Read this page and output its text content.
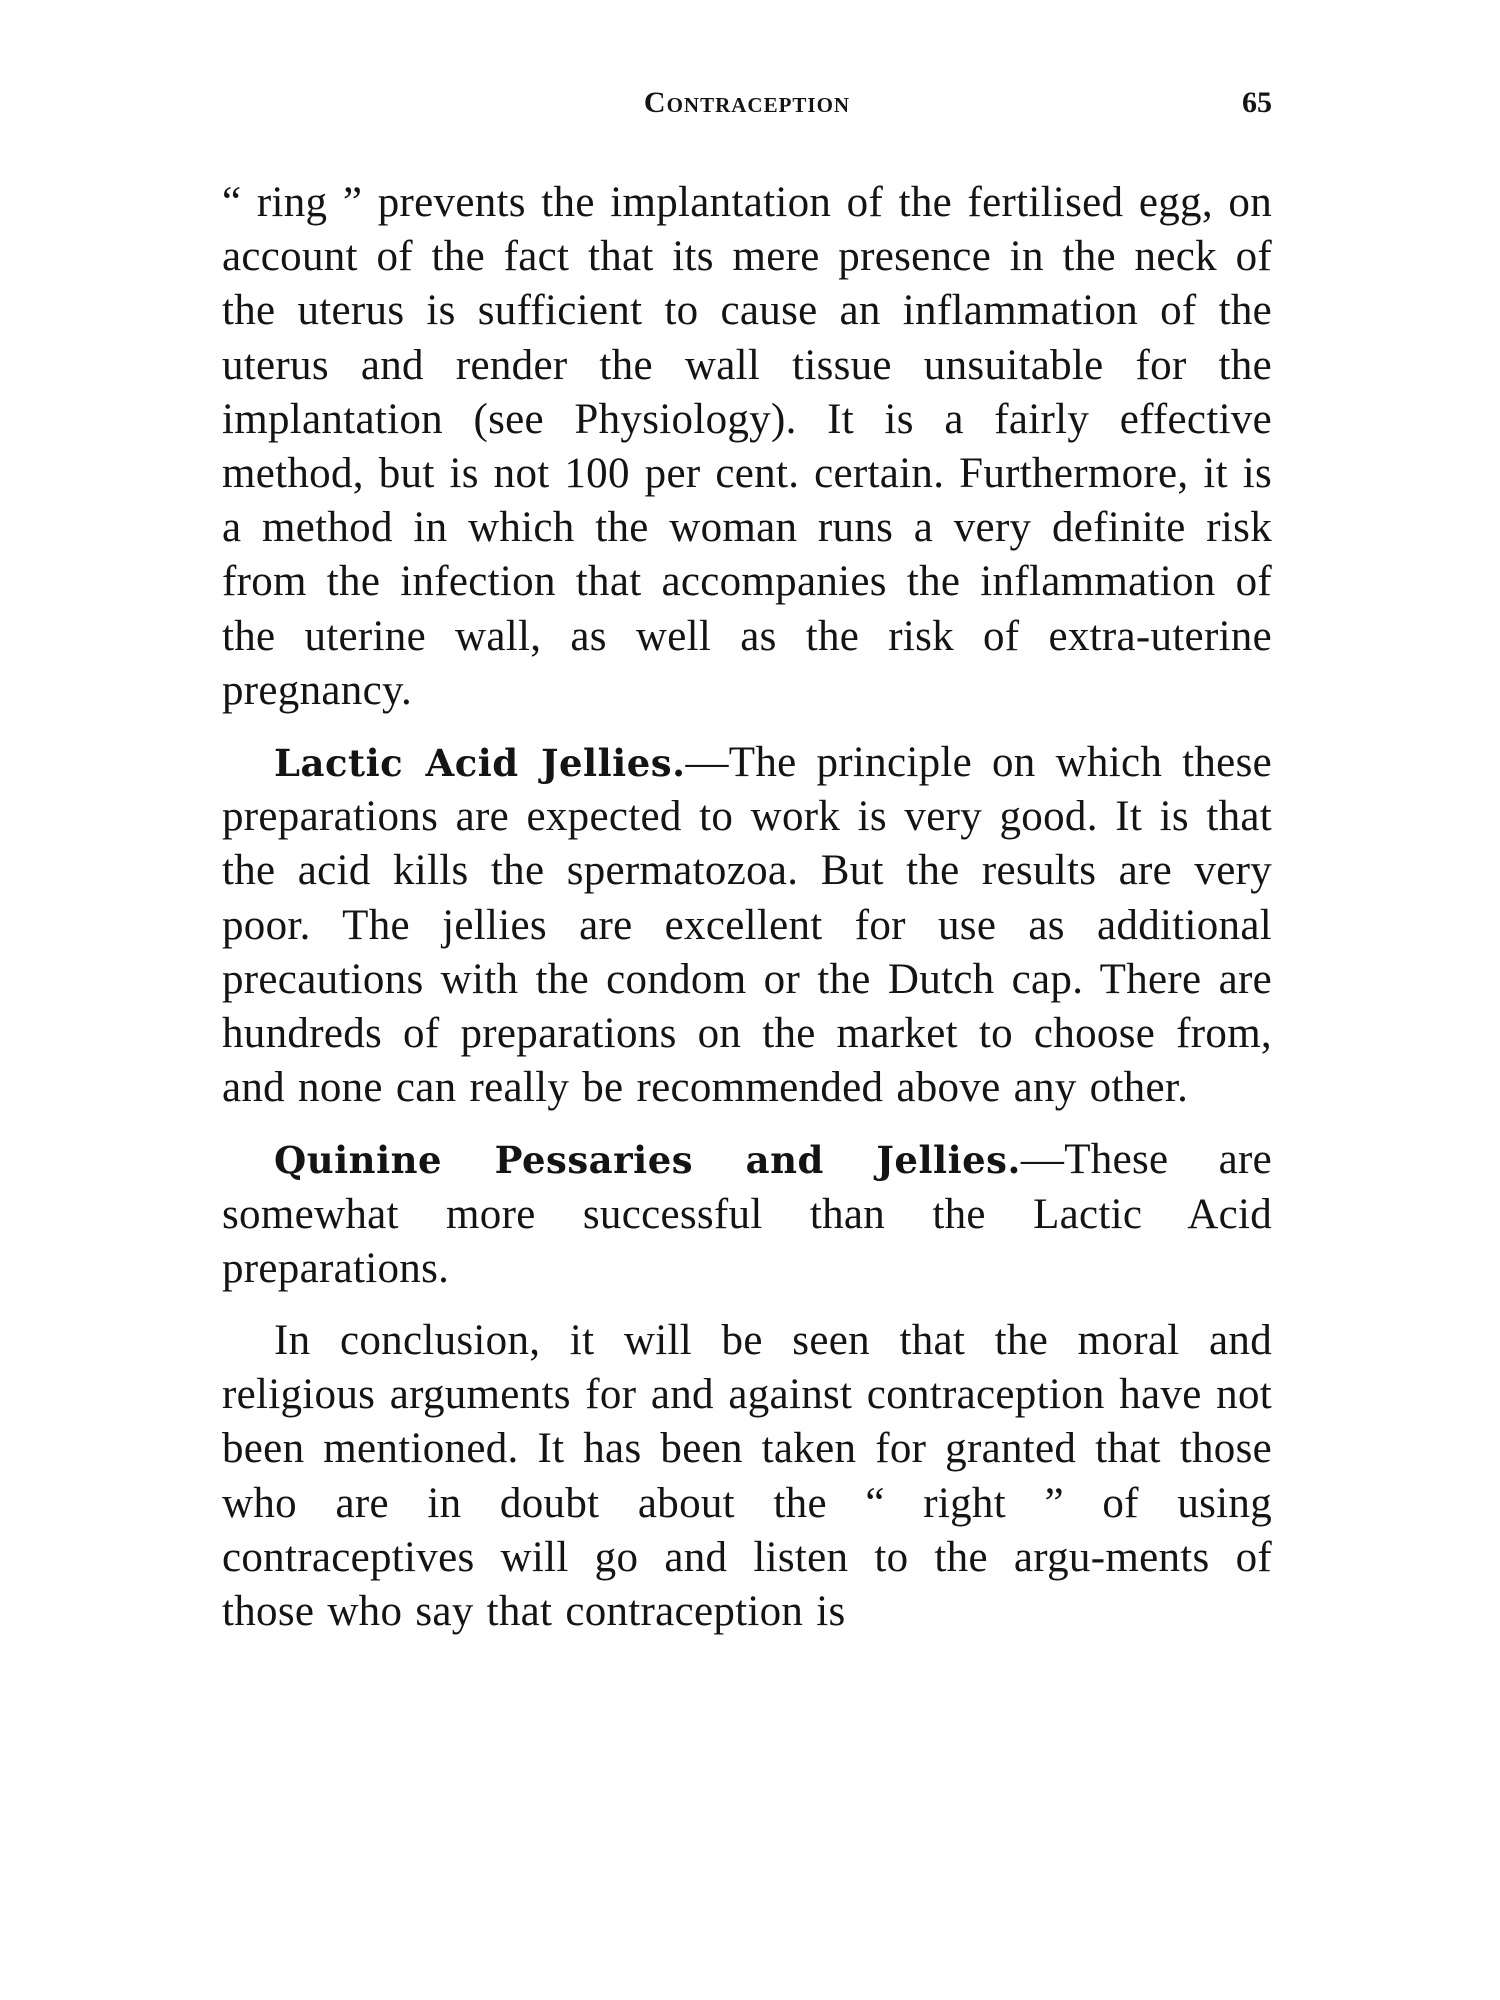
Contraception	65

“ ring ” prevents the implantation of the fertilised egg, on account of the fact that its mere presence in the neck of the uterus is sufficient to cause an inflammation of the uterus and render the wall tissue unsuitable for the implantation (see Physiology). It is a fairly effective method, but is not 100 per cent. certain. Furthermore, it is a method in which the woman runs a very definite risk from the infection that accompanies the inflammation of the uterine wall, as well as the risk of extra-uterine pregnancy.

Lactic Acid Jellies.—The principle on which these preparations are expected to work is very good. It is that the acid kills the spermatozoa. But the results are very poor. The jellies are excellent for use as additional precautions with the condom or the Dutch cap. There are hundreds of preparations on the market to choose from, and none can really be recommended above any other.

Quinine Pessaries and Jellies.—These are somewhat more successful than the Lactic Acid preparations.

In conclusion, it will be seen that the moral and religious arguments for and against contraception have not been mentioned. It has been taken for granted that those who are in doubt about the “ right ” of using contraceptives will go and listen to the argu-ments of those who say that contraception is
